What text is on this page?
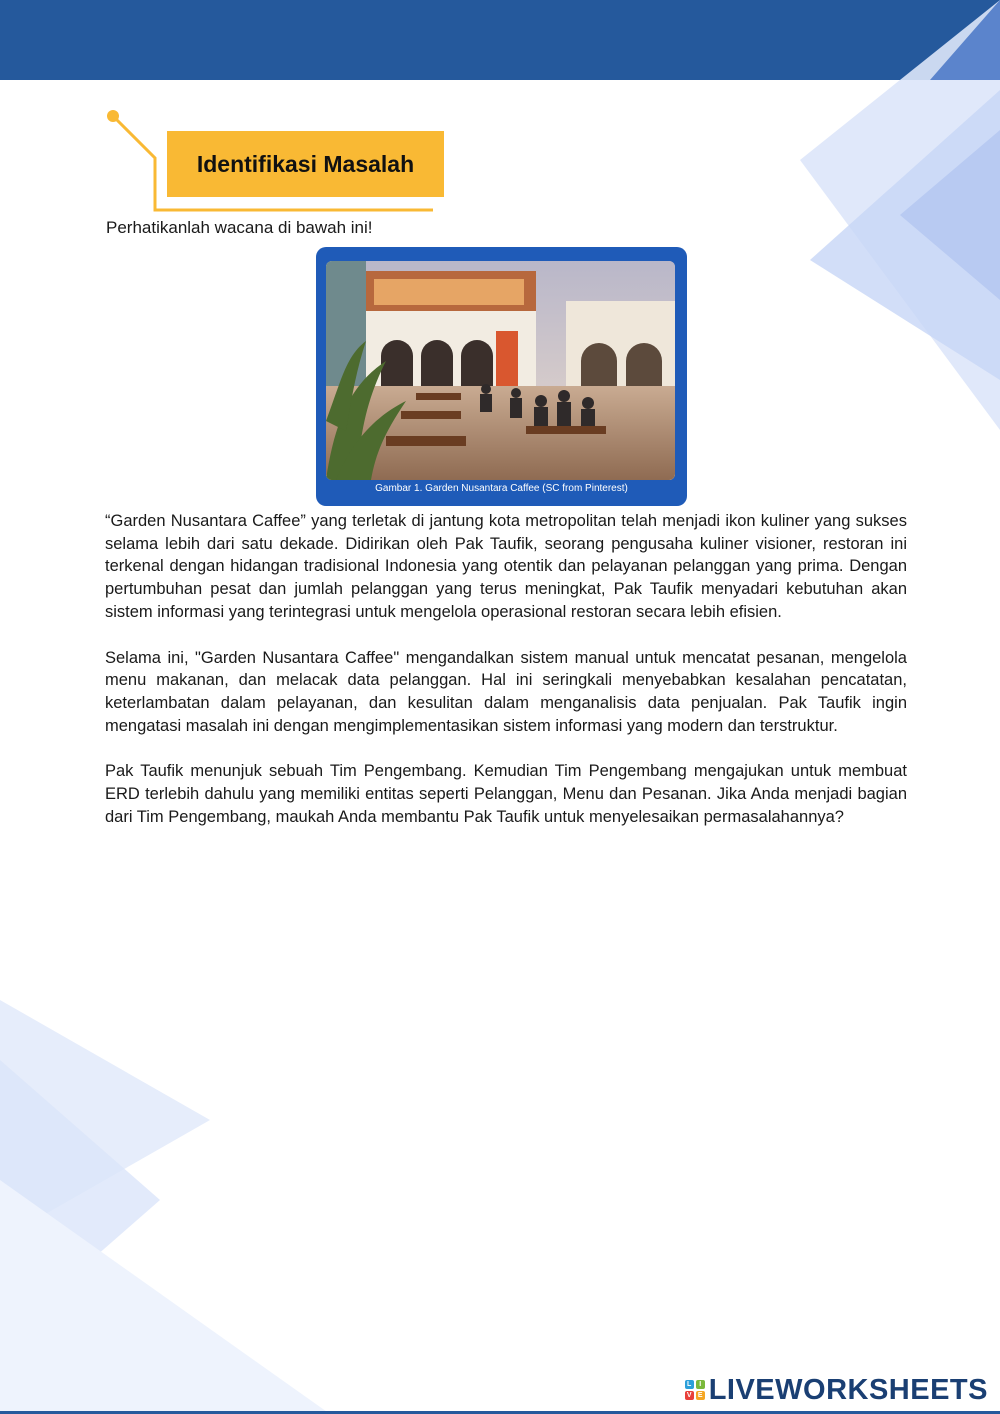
Identifikasi Masalah
Perhatikanlah wacana di bawah ini!
Gambar 1. Garden Nusantara Caffee (SC from Pinterest)

“Garden Nusantara Caffee” yang terletak di jantung kota metropolitan telah menjadi ikon kuliner yang sukses selama lebih dari satu dekade. Didirikan oleh Pak Taufik, seorang pengusaha kuliner visioner, restoran ini terkenal dengan hidangan tradisional Indonesia yang otentik dan pelayanan pelanggan yang prima. Dengan pertumbuhan pesat dan jumlah pelanggan yang terus meningkat, Pak Taufik menyadari kebutuhan akan sistem informasi yang terintegrasi untuk mengelola operasional restoran secara lebih efisien.

Selama ini, "Garden Nusantara Caffee" mengandalkan sistem manual untuk mencatat pesanan, mengelola menu makanan, dan melacak data pelanggan. Hal ini seringkali menyebabkan kesalahan pencatatan, keterlambatan dalam pelayanan, dan kesulitan dalam menganalisis data penjualan. Pak Taufik ingin mengatasi masalah ini dengan mengimplementasikan sistem informasi yang modern dan terstruktur.

Pak Taufik menunjuk sebuah Tim Pengembang. Kemudian Tim Pengembang mengajukan untuk membuat ERD terlebih dahulu yang memiliki entitas seperti Pelanggan, Menu dan Pesanan. Jika Anda menjadi bagian dari Tim Pengembang, maukah Anda membantu Pak Taufik untuk menyelesaikan permasalahannya?

L	I
V E LIVEWORKSHEETS
